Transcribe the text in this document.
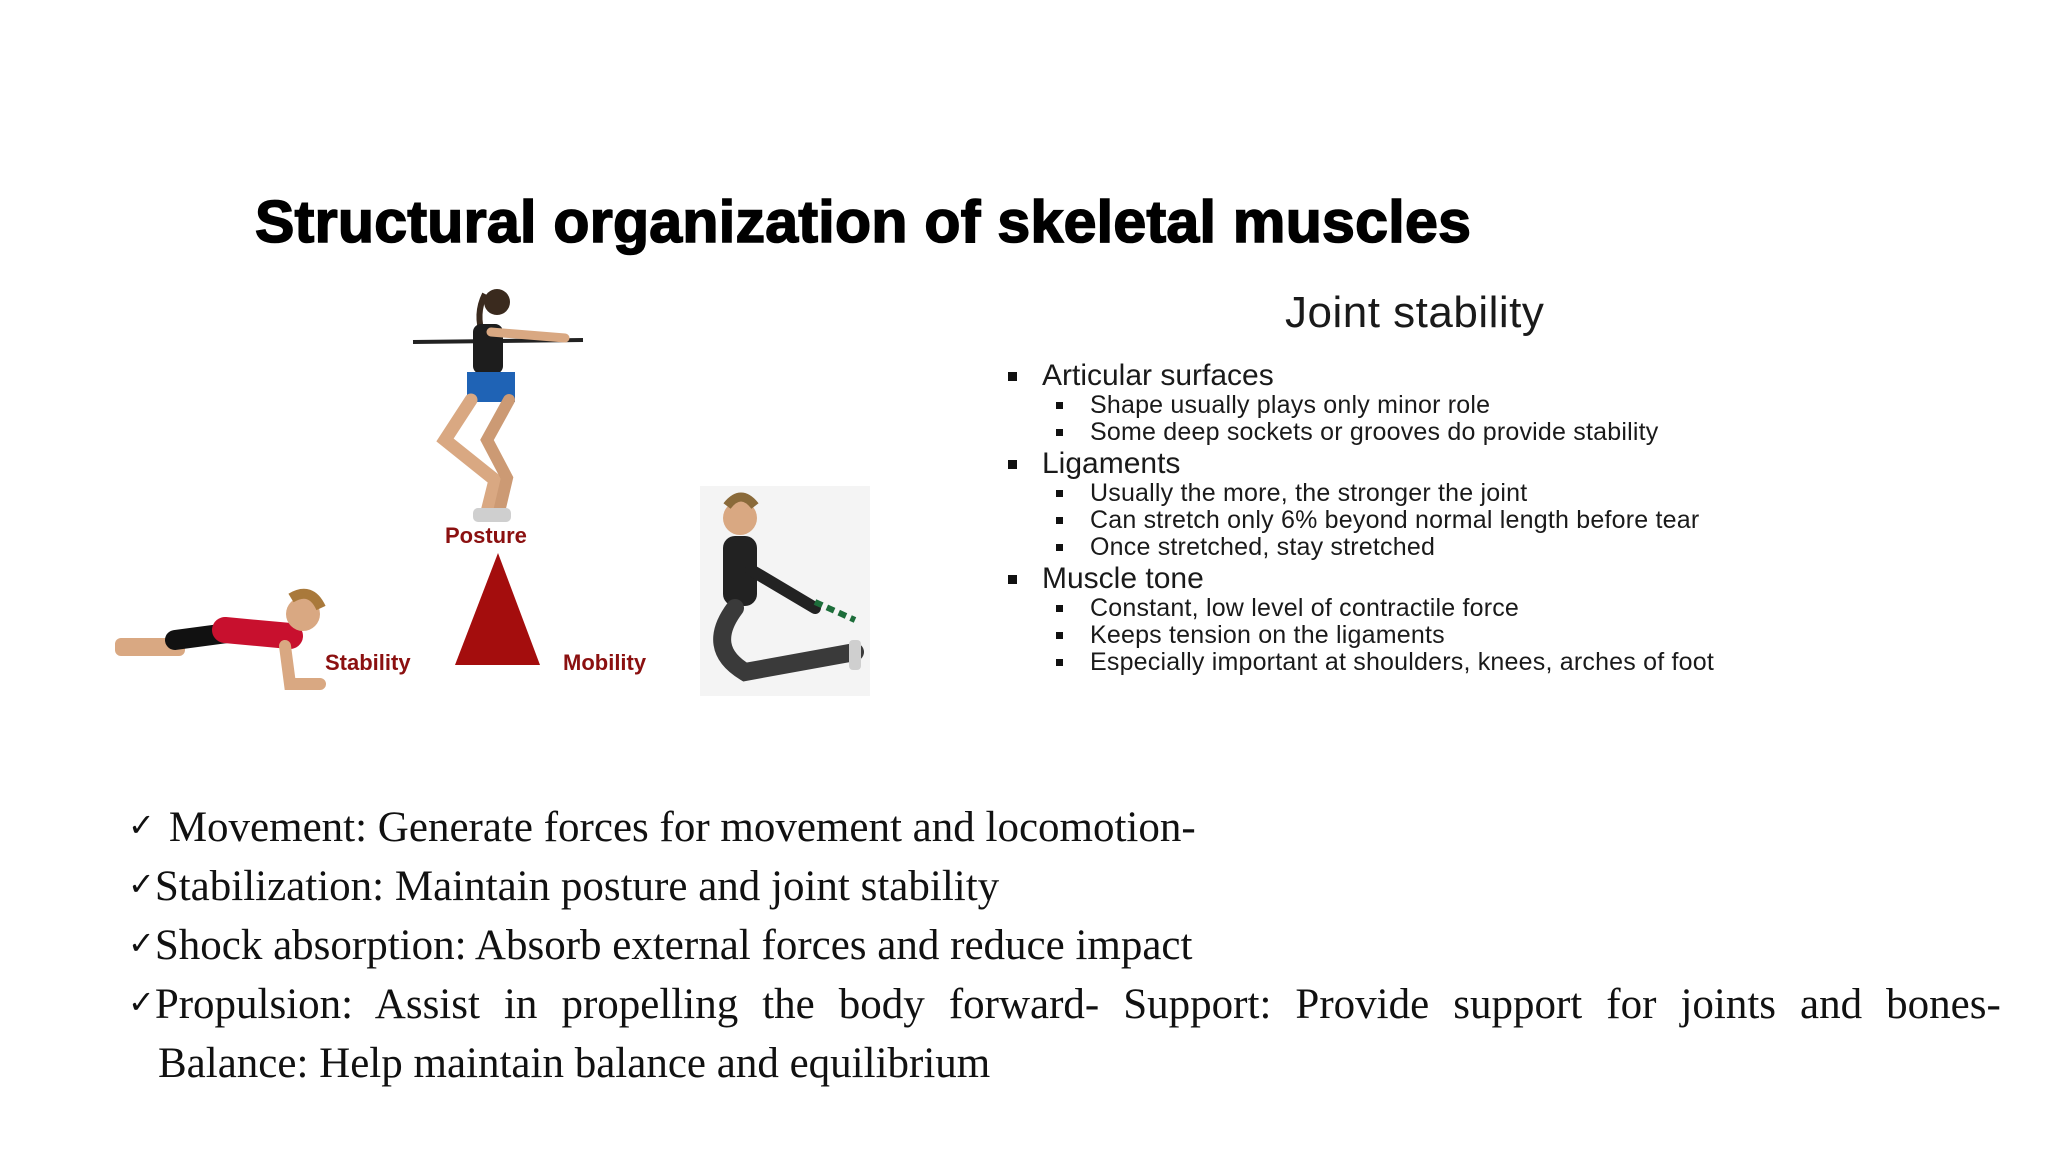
Structural organization of skeletal muscles
Posture
Stability	Mobility
Joint stability
Articular surfaces
Shape usually plays only minor role
Some deep sockets or grooves do provide stability
Ligaments
Usually the more, the stronger the joint
Can stretch only 6% beyond normal length before tear
Once stretched, stay stretched
Muscle tone
Constant, low level of contractile force
Keeps tension on the ligaments
Especially important at shoulders, knees, arches of foot
✓ Movement: Generate forces for movement and locomotion-
✓Stabilization: Maintain posture and joint stability
✓Shock absorption: Absorb external forces and reduce impact
✓Propulsion: Assist in propelling the body forward- Support: Provide support for joints and bones-
Balance: Help maintain balance and equilibrium
